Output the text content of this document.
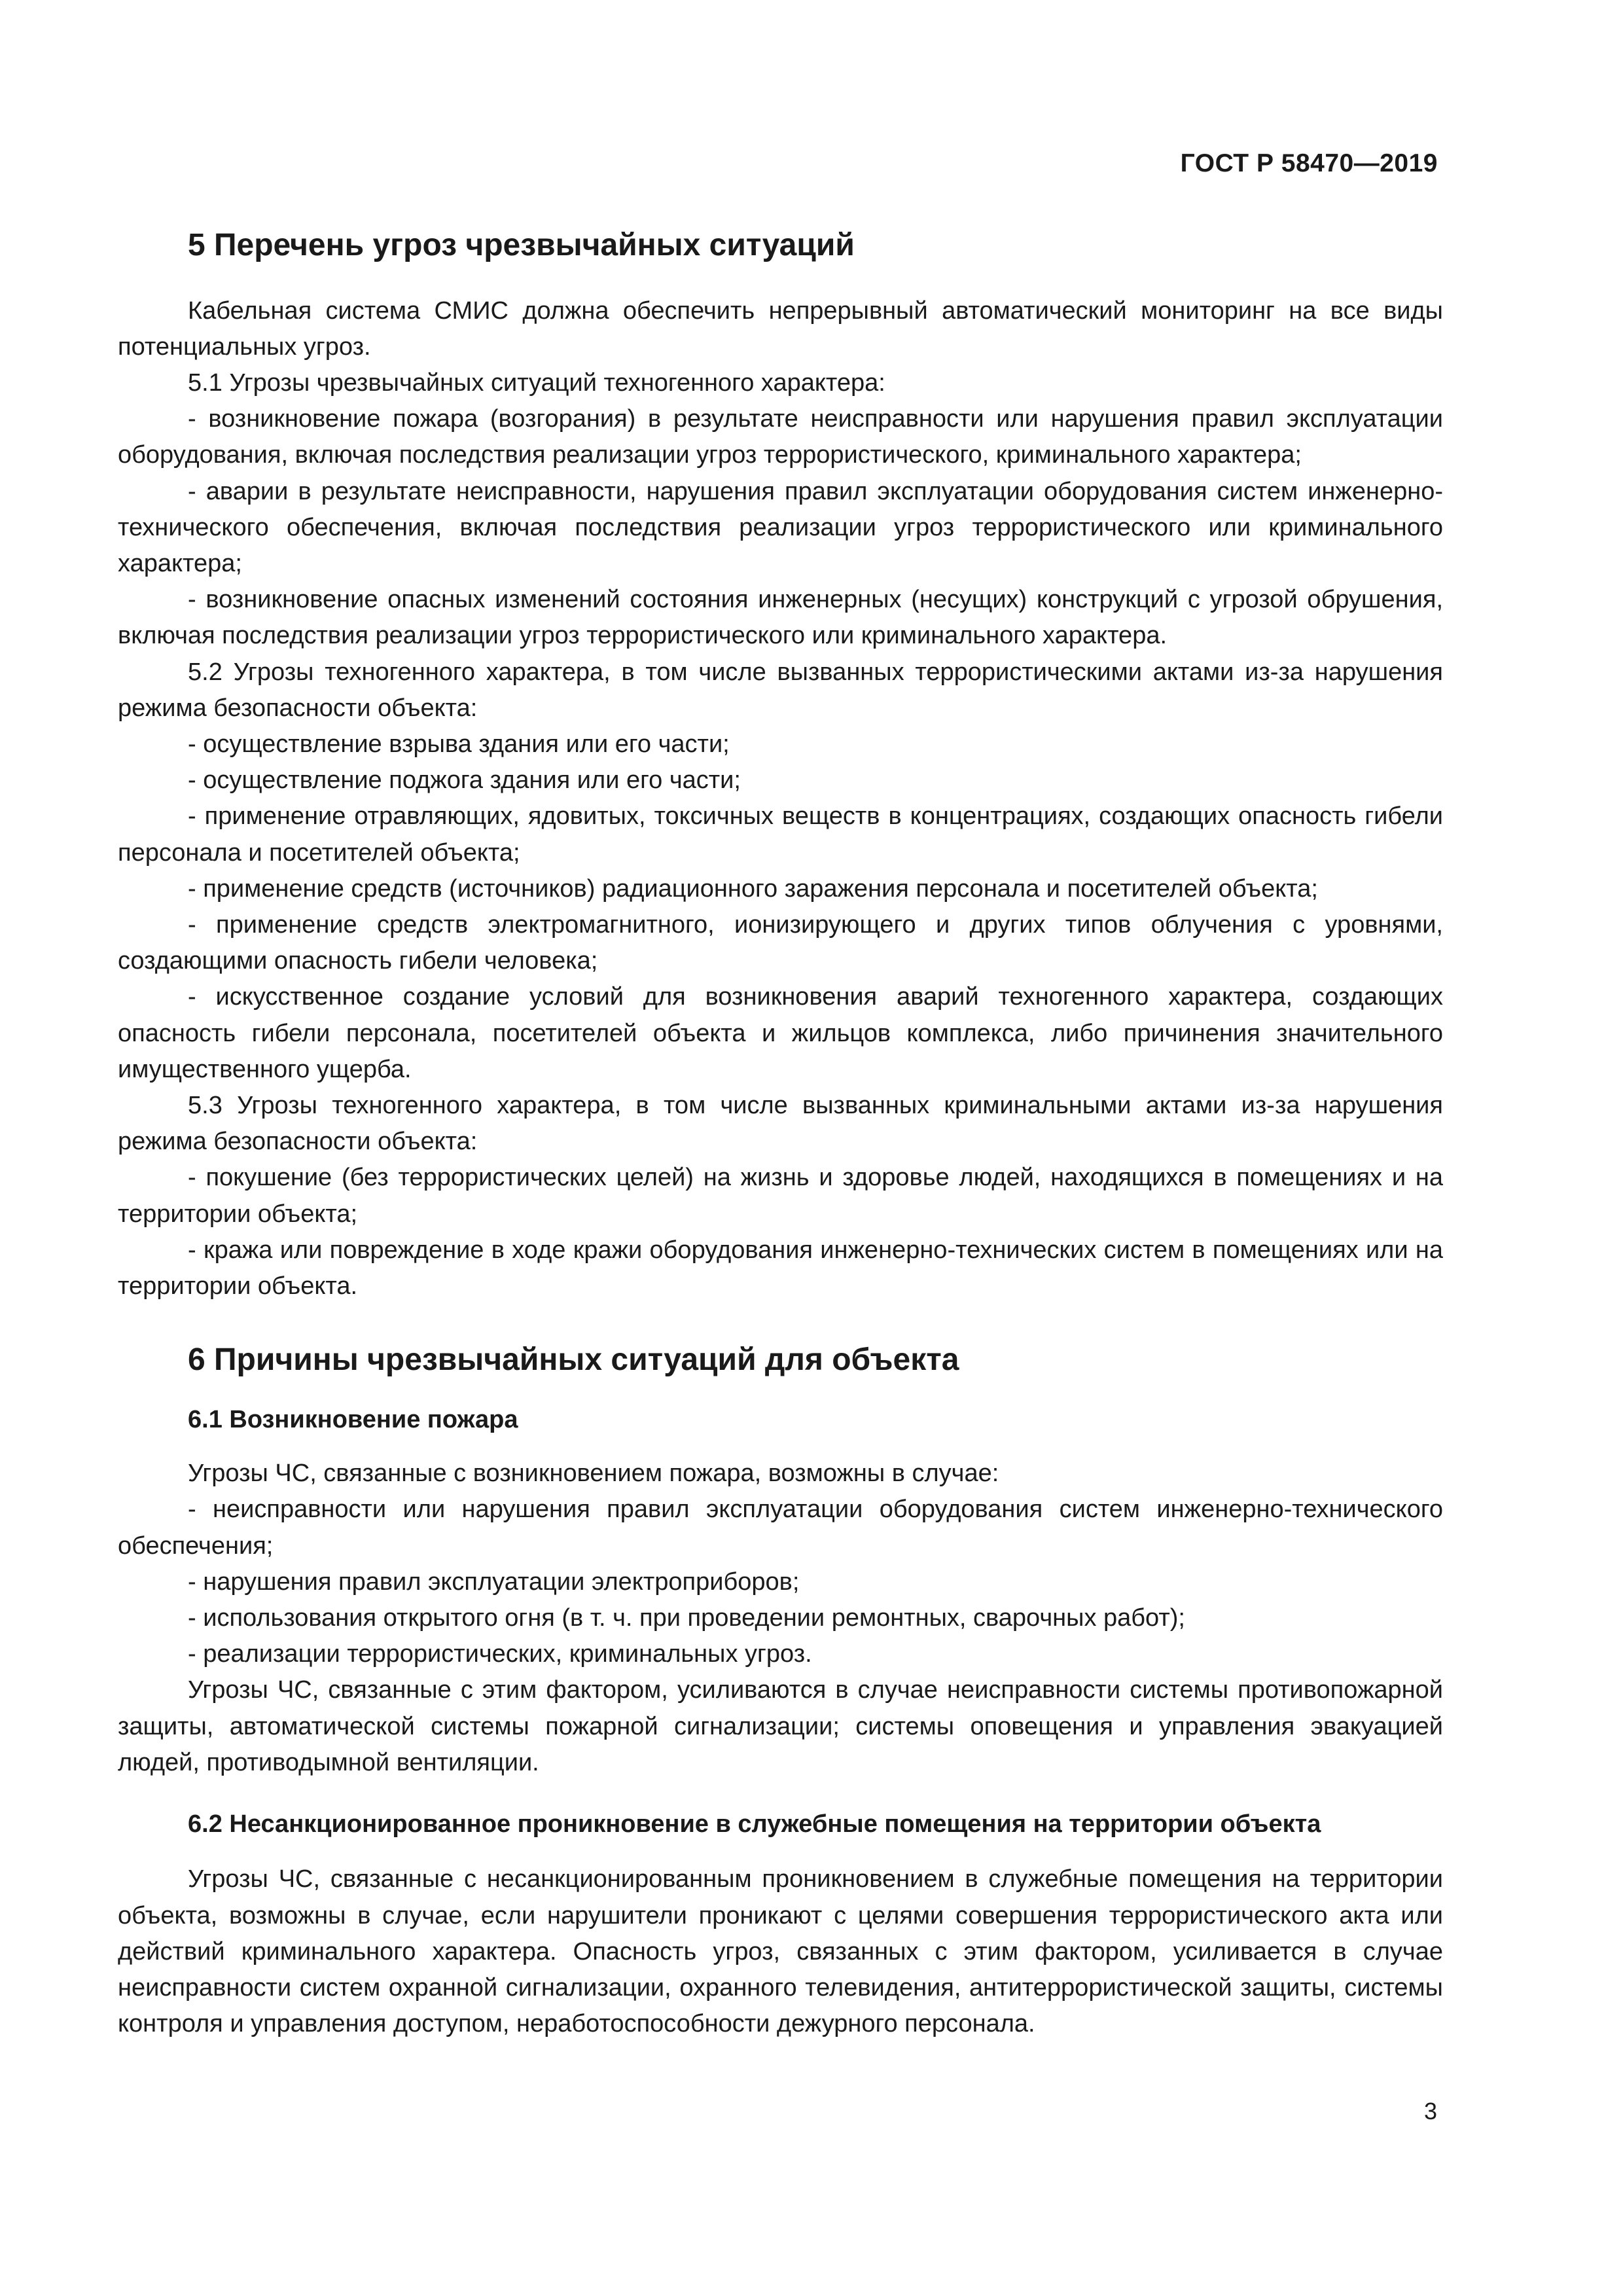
ГОСТ Р 58470—2019
5 Перечень угроз чрезвычайных ситуаций

Кабельная система СМИС должна обеспечить непрерывный автоматический мониторинг на все виды потенциальных угроз.

5.1 Угрозы чрезвычайных ситуаций техногенного характера:

- возникновение пожара (возгорания) в результате неисправности или нарушения правил эксплуатации оборудования, включая последствия реализации угроз террористического, криминального характера;

- аварии в результате неисправности, нарушения правил эксплуатации оборудования систем инженерно-технического обеспечения, включая последствия реализации угроз террористического или криминального характера;

- возникновение опасных изменений состояния инженерных (несущих) конструкций с угрозой обрушения, включая последствия реализации угроз террористического или криминального характера.

5.2 Угрозы техногенного характера, в том числе вызванных террористическими актами из-за нарушения режима безопасности объекта:

- осуществление взрыва здания или его части;

- осуществление поджога здания или его части;

- применение отравляющих, ядовитых, токсичных веществ в концентрациях, создающих опасность гибели персонала и посетителей объекта;

- применение средств (источников) радиационного заражения персонала и посетителей объекта;

- применение средств электромагнитного, ионизирующего и других типов облучения с уровнями, создающими опасность гибели человека;

- искусственное создание условий для возникновения аварий техногенного характера, создающих опасность гибели персонала, посетителей объекта и жильцов комплекса, либо причинения значительного имущественного ущерба.

5.3 Угрозы техногенного характера, в том числе вызванных криминальными актами из-за нарушения режима безопасности объекта:

- покушение (без террористических целей) на жизнь и здоровье людей, находящихся в помещениях и на территории объекта;

- кража или повреждение в ходе кражи оборудования инженерно-технических систем в помещениях или на территории объекта.

6 Причины чрезвычайных ситуаций для объекта
6.1 Возникновение пожара

Угрозы ЧС, связанные с возникновением пожара, возможны в случае:

- неисправности или нарушения правил эксплуатации оборудования систем инженерно-технического обеспечения;

- нарушения правил эксплуатации электроприборов;

- использования открытого огня (в т. ч. при проведении ремонтных, сварочных работ);

- реализации террористических, криминальных угроз.

Угрозы ЧС, связанные с этим фактором, усиливаются в случае неисправности системы противопожарной защиты, автоматической системы пожарной сигнализации; системы оповещения и управления эвакуацией людей, противодымной вентиляции.

6.2 Несанкционированное проникновение в служебные помещения на территории объекта

Угрозы ЧС, связанные с несанкционированным проникновением в служебные помещения на территории объекта, возможны в случае, если нарушители проникают с целями совершения террористического акта или действий криминального характера. Опасность угроз, связанных с этим фактором, усиливается в случае неисправности систем охранной сигнализации, охранного телевидения, антитеррористической защиты, системы контроля и управления доступом, неработоспособности дежурного персонала.

3
